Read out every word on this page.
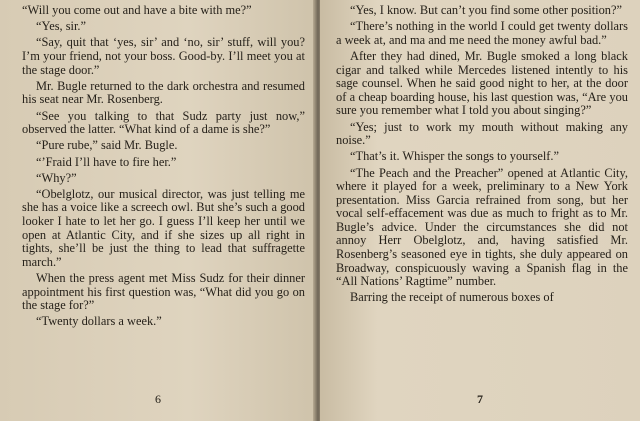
“Will you come out and have a bite with me?”

“Yes, sir.”

“Say, quit that ‘yes, sir’ and ‘no, sir’ stuff, will you? I’m your friend, not your boss. Good-by. I’ll meet you at the stage door.”

Mr. Bugle returned to the dark orchestra and resumed his seat near Mr. Rosenberg.

“See you talking to that Sudz party just now,” observed the latter. “What kind of a dame is she?”

“Pure rube,” said Mr. Bugle.

“’Fraid I’ll have to fire her.”

“Why?”

“Obelglotz, our musical director, was just telling me she has a voice like a screech owl. But she’s such a good looker I hate to let her go. I guess I’ll keep her until we open at Atlantic City, and if she sizes up all right in tights, she’ll be just the thing to lead that suffragette march.”

When the press agent met Miss Sudz for their dinner appointment his first question was, “What did you go on the stage for?”

“Twenty dollars a week.”

6

“Yes, I know. But can’t you find some other position?”

“There’s nothing in the world I could get twenty dollars a week at, and ma and me need the money awful bad.”

After they had dined, Mr. Bugle smoked a long black cigar and talked while Mercedes listened intently to his sage counsel. When he said good night to her, at the door of a cheap boarding house, his last question was, “Are you sure you remember what I told you about singing?”

“Yes; just to work my mouth without making any noise.”

“That’s it. Whisper the songs to yourself.”

“The Peach and the Preacher” opened at Atlantic City, where it played for a week, preliminary to a New York presentation. Miss Garcia refrained from song, but her vocal self-effacement was due as much to fright as to Mr. Bugle’s advice. Under the circumstances she did not annoy Herr Obelglotz, and, having satisfied Mr. Rosenberg’s seasoned eye in tights, she duly appeared on Broadway, conspicuously waving a Spanish flag in the “All Nations’ Ragtime” number.

Barring the receipt of numerous boxes of

7
